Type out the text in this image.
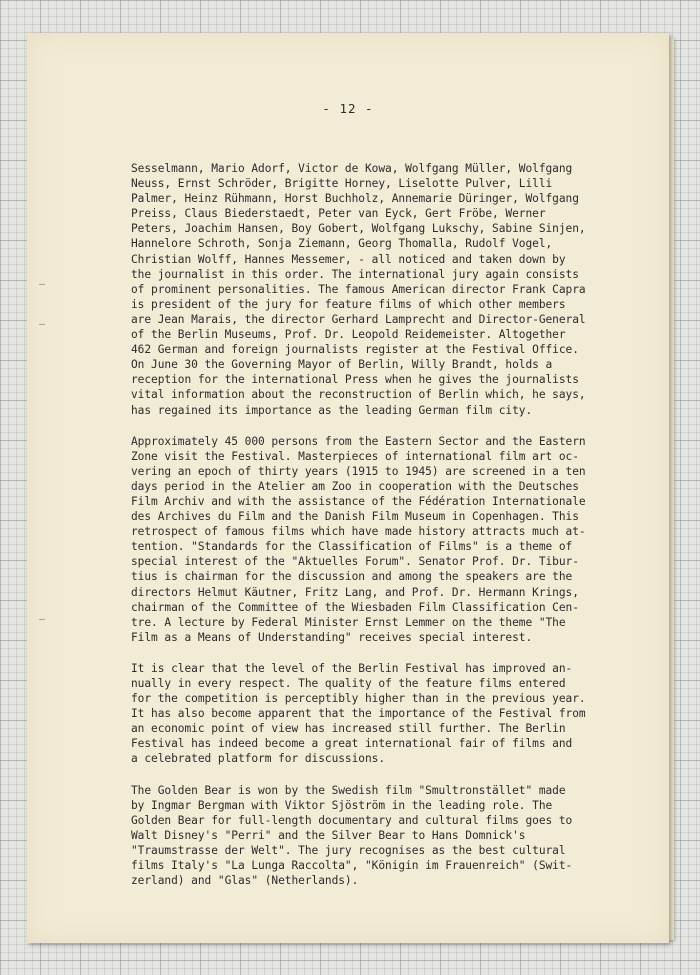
–
–
–
- 12 -
Sesselmann, Mario Adorf, Victor de Kowa, Wolfgang Müller, Wolfgang
Neuss, Ernst Schröder, Brigitte Horney, Liselotte Pulver, Lilli
Palmer, Heinz Rühmann, Horst Buchholz, Annemarie Düringer, Wolfgang
Preiss, Claus Biederstaedt, Peter van Eyck, Gert Fröbe, Werner
Peters, Joachim Hansen, Boy Gobert, Wolfgang Lukschy, Sabine Sinjen,
Hannelore Schroth, Sonja Ziemann, Georg Thomalla, Rudolf Vogel,
Christian Wolff, Hannes Messemer, - all noticed and taken down by
the journalist in this order. The international jury again consists
of prominent personalities. The famous American director Frank Capra
is president of the jury for feature films of which other members
are Jean Marais, the director Gerhard Lamprecht and Director-General
of the Berlin Museums, Prof. Dr. Leopold Reidemeister. Altogether
462 German and foreign journalists register at the Festival Office.
On June 30 the Governing Mayor of Berlin, Willy Brandt, holds a
reception for the international Press when he gives the journalists
vital information about the reconstruction of Berlin which, he says,
has regained its importance as the leading German film city.
Approximately 45 000 persons from the Eastern Sector and the Eastern
Zone visit the Festival. Masterpieces of international film art oc-
vering an epoch of thirty years (1915 to 1945) are screened in a ten
days period in the Atelier am Zoo in cooperation with the Deutsches
Film Archiv and with the assistance of the Fédération Internationale
des Archives du Film and the Danish Film Museum in Copenhagen. This
retrospect of famous films which have made history attracts much at-
tention. "Standards for the Classification of Films" is a theme of
special interest of the "Aktuelles Forum". Senator Prof. Dr. Tibur-
tius is chairman for the discussion and among the speakers are the
directors Helmut Käutner, Fritz Lang, and Prof. Dr. Hermann Krings,
chairman of the Committee of the Wiesbaden Film Classification Cen-
tre. A lecture by Federal Minister Ernst Lemmer on the theme "The
Film as a Means of Understanding" receives special interest.
It is clear that the level of the Berlin Festival has improved an-
nually in every respect. The quality of the feature films entered
for the competition is perceptibly higher than in the previous year.
It has also become apparent that the importance of the Festival from
an economic point of view has increased still further. The Berlin
Festival has indeed become a great international fair of films and
a celebrated platform for discussions.
The Golden Bear is won by the Swedish film "Smultronstället" made
by Ingmar Bergman with Viktor Sjöström in the leading role. The
Golden Bear for full-length documentary and cultural films goes to
Walt Disney's "Perri" and the Silver Bear to Hans Domnick's
"Traumstrasse der Welt". The jury recognises as the best cultural
films Italy's "La Lunga Raccolta", "Königin im Frauenreich" (Swit-
zerland) and "Glas" (Netherlands).
